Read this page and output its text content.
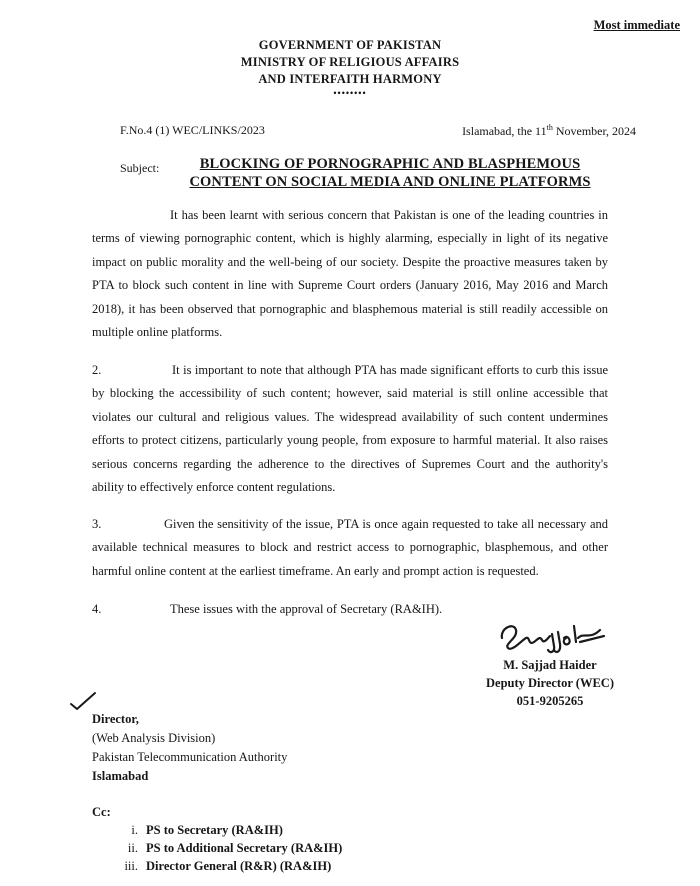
Most immediate
GOVERNMENT OF PAKISTAN
MINISTRY OF RELIGIOUS AFFAIRS
AND INTERFAITH HARMONY
••••••••
F.No.4 (1) WEC/LINKS/2023	Islamabad, the 11th November, 2024
Subject:	BLOCKING OF PORNOGRAPHIC AND BLASPHEMOUS
CONTENT ON SOCIAL MEDIA AND ONLINE PLATFORMS
It has been learnt with serious concern that Pakistan is one of the leading countries in terms of viewing pornographic content, which is highly alarming, especially in light of its negative impact on public morality and the well-being of our society. Despite the proactive measures taken by PTA to block such content in line with Supreme Court orders (January 2016, May 2016 and March 2018), it has been observed that pornographic and blasphemous material is still readily accessible on multiple online platforms.
2.	It is important to note that although PTA has made significant efforts to curb this issue by blocking the accessibility of such content; however, said material is still online accessible that violates our cultural and religious values. The widespread availability of such content undermines efforts to protect citizens, particularly young people, from exposure to harmful material. It also raises serious concerns regarding the adherence to the directives of Supremes Court and the authority's ability to effectively enforce content regulations.
3.	Given the sensitivity of the issue, PTA is once again requested to take all necessary and available technical measures to block and restrict access to pornographic, blasphemous, and other harmful online content at the earliest timeframe. An early and prompt action is requested.
4.	These issues with the approval of Secretary (RA&IH).
M. Sajjad Haider
Deputy Director (WEC)
051-9205265
Director,
(Web Analysis Division)
Pakistan Telecommunication Authority
Islamabad
Cc:
i. PS to Secretary (RA&IH)
ii. PS to Additional Secretary (RA&IH)
iii. Director General (R&R) (RA&IH)
